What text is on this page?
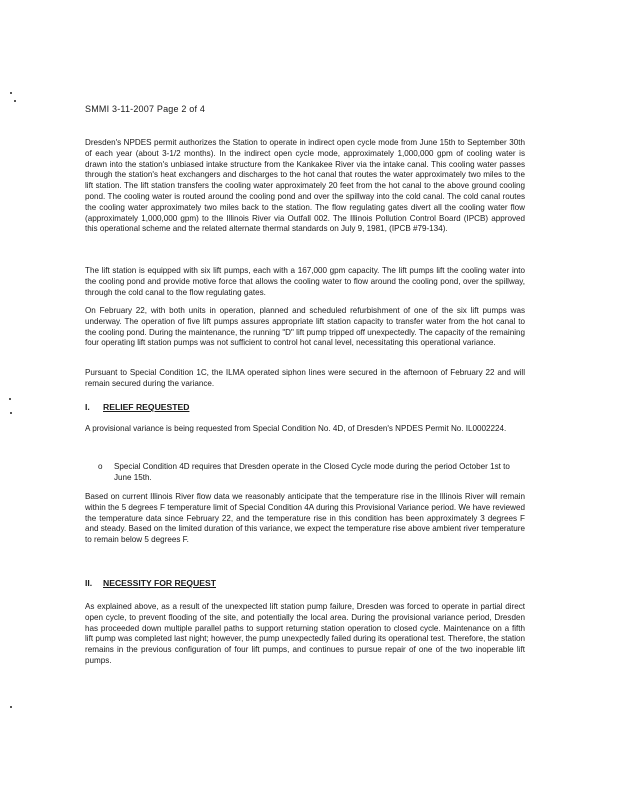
SMMI 3-11-2007 Page 2 of 4

Dresden's NPDES permit authorizes the Station to operate in indirect open cycle mode from June 15th to September 30th of each year (about 3-1/2 months). In the indirect open cycle mode, approximately 1,000,000 gpm of cooling water is drawn into the station's unbiased intake structure from the Kankakee River via the intake canal. This cooling water passes through the station's heat exchangers and discharges to the hot canal that routes the water approximately two miles to the lift station. The lift station transfers the cooling water approximately 20 feet from the hot canal to the above ground cooling pond. The cooling water is routed around the cooling pond and over the spillway into the cold canal. The cold canal routes the cooling water approximately two miles back to the station. The flow regulating gates divert all the cooling water flow (approximately 1,000,000 gpm) to the Illinois River via Outfall 002. The Illinois Pollution Control Board (IPCB) approved this operational scheme and the related alternate thermal standards on July 9, 1981, (IPCB #79-134).

The lift station is equipped with six lift pumps, each with a 167,000 gpm capacity. The lift pumps lift the cooling water into the cooling pond and provide motive force that allows the cooling water to flow around the cooling pond, over the spillway, through the cold canal to the flow regulating gates.

On February 22, with both units in operation, planned and scheduled refurbishment of one of the six lift pumps was underway. The operation of five lift pumps assures appropriate lift station capacity to transfer water from the hot canal to the cooling pond. During the maintenance, the running "D" lift pump tripped off unexpectedly. The capacity of the remaining four operating lift station pumps was not sufficient to control hot canal level, necessitating this operational variance.

Pursuant to Special Condition 1C, the ILMA operated siphon lines were secured in the afternoon of February 22 and will remain secured during the variance.

I. RELIEF REQUESTED

A provisional variance is being requested from Special Condition No. 4D, of Dresden's NPDES Permit No. IL0002224.

o Special Condition 4D requires that Dresden operate in the Closed Cycle mode during the period October 1st to June 15th.

Based on current Illinois River flow data we reasonably anticipate that the temperature rise in the Illinois River will remain within the 5 degrees F temperature limit of Special Condition 4A during this Provisional Variance period. We have reviewed the temperature data since February 22, and the temperature rise in this condition has been approximately 3 degrees F and steady. Based on the limited duration of this variance, we expect the temperature rise above ambient river temperature to remain below 5 degrees F.

II. NECESSITY FOR REQUEST

As explained above, as a result of the unexpected lift station pump failure, Dresden was forced to operate in partial direct open cycle, to prevent flooding of the site, and potentially the local area. During the provisional variance period, Dresden has proceeded down multiple parallel paths to support returning station operation to closed cycle. Maintenance on a fifth lift pump was completed last night; however, the pump unexpectedly failed during its operational test. Therefore, the station remains in the previous configuration of four lift pumps, and continues to pursue repair of one of the two inoperable lift pumps.
